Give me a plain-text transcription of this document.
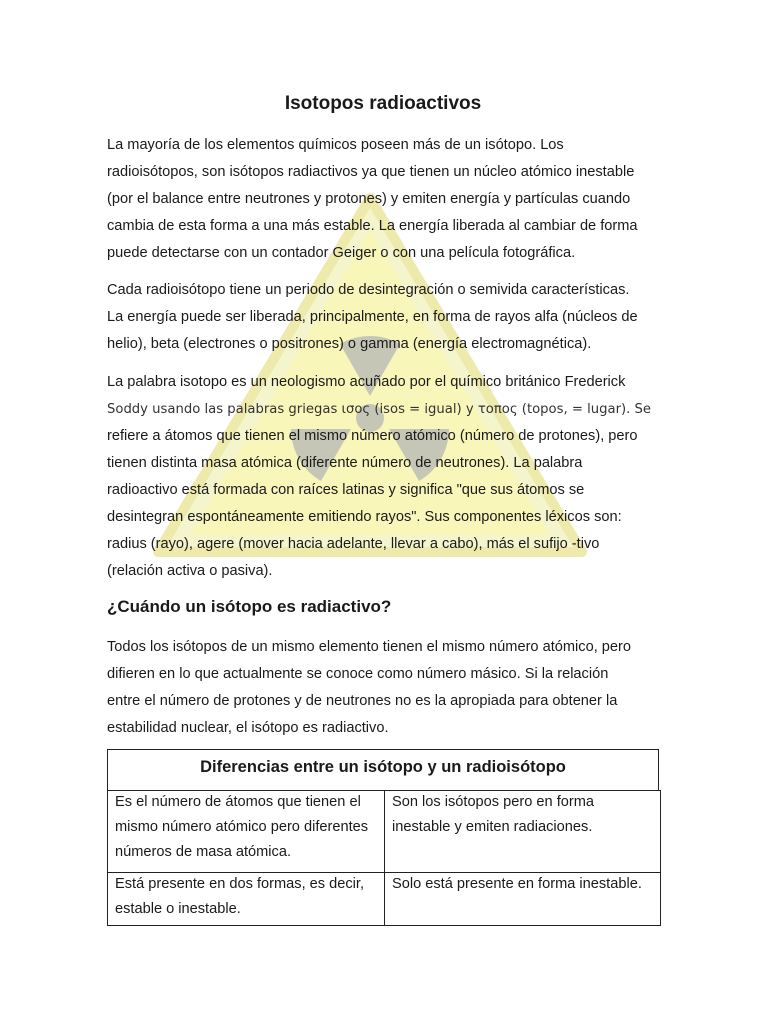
Isotopos radioactivos

La mayoría de los elementos químicos poseen más de un isótopo. Los
radioisótopos, son isótopos radiactivos ya que tienen un núcleo atómico inestable
(por el balance entre neutrones y protones) y emiten energía y partículas cuando
cambia de esta forma a una más estable. La energía liberada al cambiar de forma
puede detectarse con un contador Geiger o con una película fotográfica.

Cada radioisótopo tiene un periodo de desintegración o semivida características.
La energía puede ser liberada, principalmente, en forma de rayos alfa (núcleos de
helio), beta (electrones o positrones) o gamma (energía electromagnética).

La palabra isotopo es un neologismo acuñado por el químico británico Frederick
Soddy usando las palabras griegas ισος (isos = igual) y τοπος (topos, = lugar). Se
refiere a átomos que tienen el mismo número atómico (número de protones), pero
tienen distinta masa atómica (diferente número de neutrones). La palabra
radioactivo está formada con raíces latinas y significa "que sus átomos se
desintegran espontáneamente emitiendo rayos". Sus componentes léxicos son:
radius (rayo), agere (mover hacia adelante, llevar a cabo), más el sufijo -tivo
(relación activa o pasiva).

¿Cuándo un isótopo es radiactivo?

Todos los isótopos de un mismo elemento tienen el mismo número atómico, pero
difieren en lo que actualmente se conoce como número másico. Si la relación
entre el número de protones y de neutrones no es la apropiada para obtener la
estabilidad nuclear, el isótopo es radiactivo.

Diferencias entre un isótopo y un radioisótopo
Es el número de átomos que tienen el
mismo número atómico pero diferentes
números de masa atómica.
Son los isótopos pero en forma
inestable y emiten radiaciones.
Está presente en dos formas, es decir,
estable o inestable.
Solo está presente en forma inestable.
